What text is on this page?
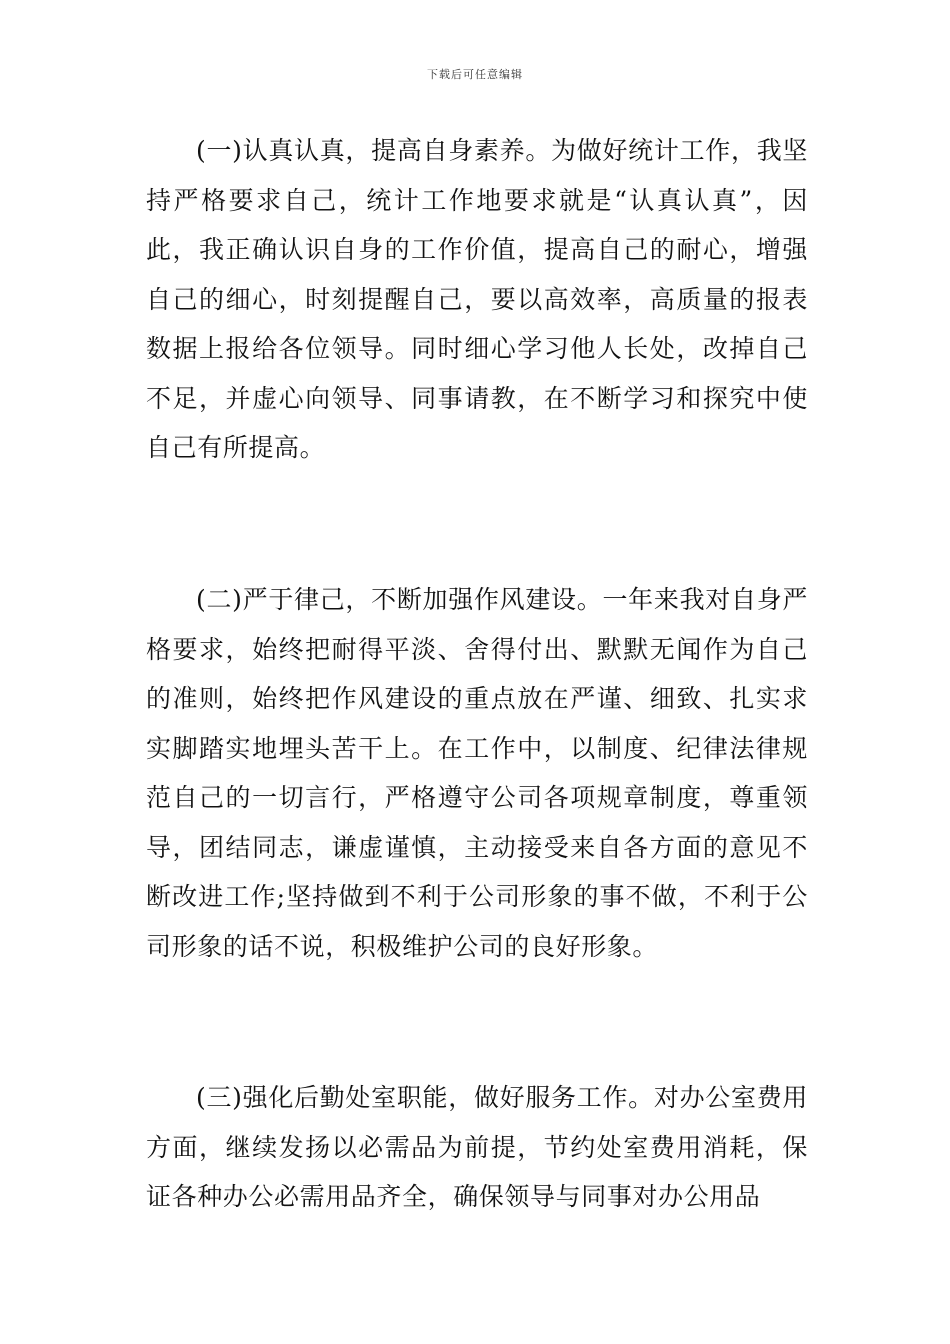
下载后可任意编辑

(一)认真认真，提高自身素养。为做好统计工作，我坚持严格要求自己，统计工作地要求就是“认真认真”，因此，我正确认识自身的工作价值，提高自己的耐心，增强自己的细心，时刻提醒自己，要以高效率，高质量的报表数据上报给各位领导。同时细心学习他人长处，改掉自己不足，并虚心向领导、同事请教，在不断学习和探究中使自己有所提高。

(二)严于律己，不断加强作风建设。一年来我对自身严格要求，始终把耐得平淡、舍得付出、默默无闻作为自己的准则，始终把作风建设的重点放在严谨、细致、扎实求实脚踏实地埋头苦干上。在工作中，以制度、纪律法律规范自己的一切言行，严格遵守公司各项规章制度，尊重领导，团结同志，谦虚谨慎，主动接受来自各方面的意见不断改进工作;坚持做到不利于公司形象的事不做，不利于公司形象的话不说，积极维护公司的良好形象。

(三)强化后勤处室职能，做好服务工作。对办公室费用方面，继续发扬以必需品为前提，节约处室费用消耗，保证各种办公必需用品齐全，确保领导与同事对办公用品
